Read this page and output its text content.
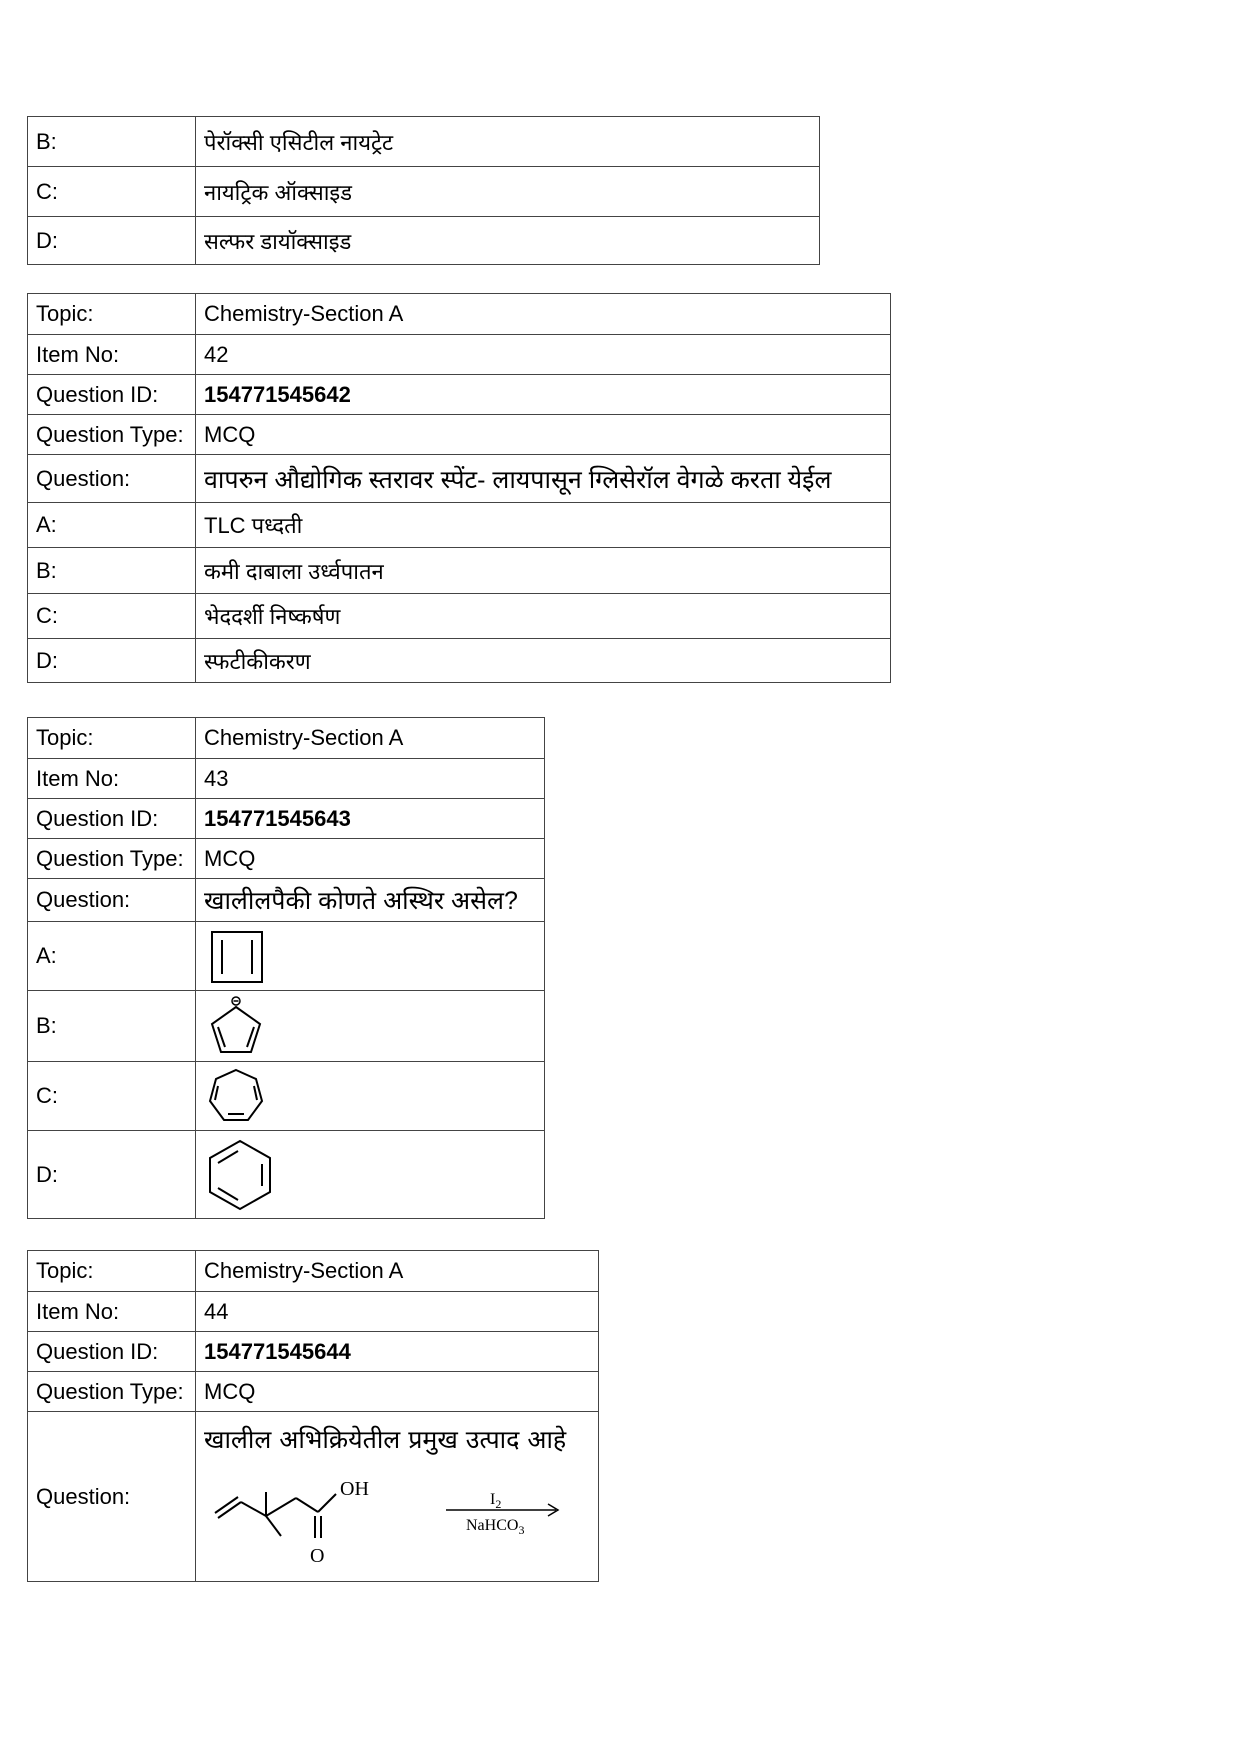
B:	पेरॉक्सी एसिटील नायट्रेट
C:	नायट्रिक ऑक्साइड
D:	सल्फर डायॉक्साइड
Topic:	Chemistry-Section A
Item No:	42
Question ID:	154771545642
Question Type:	MCQ
Question:	वापरुन औद्योगिक स्तरावर स्पेंट- लायपासून ग्लिसेरॉल वेगळे करता येईल
A:	TLC पध्दती
B:	कमी दाबाला उर्ध्वपातन
C:	भेददर्शी निष्कर्षण
D:	स्फटीकीकरण
Topic:	Chemistry-Section A
Item No:	43
Question ID:	154771545643
Question Type:	MCQ
Question:	खालीलपैकी कोणते अस्थिर असेल?
A:	

B:	

C:	

D:	
Topic:	Chemistry-Section A
Item No:	44
Question ID:	154771545644
Question Type:	MCQ
Question:	खालील अभिक्रियेतील प्रमुख उत्पाद आहे
OH
O
$I_2$
NaHCO$_3$
